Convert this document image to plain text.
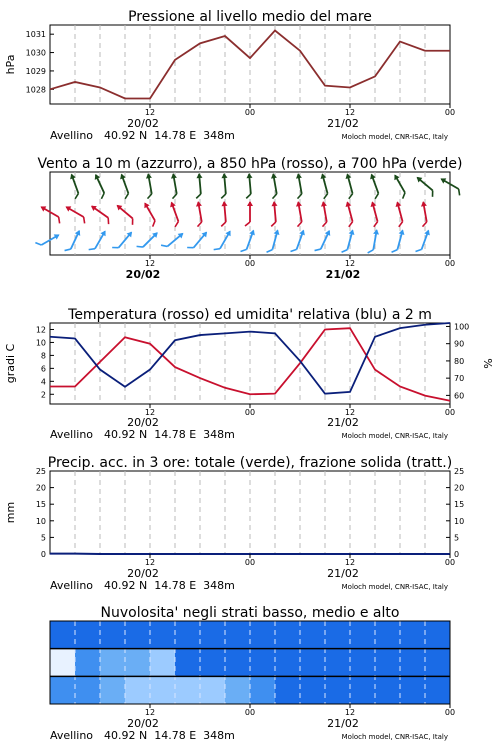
Pressione al livello medio del mare
1028
1029
1030
1031
hPa
12	00	12	00
20/02	21/02
Avellino 40.92 N  14.78 E  348m	Moloch model, CNR-ISAC, Italy
Vento a 10 m (azzurro), a 850 hPa (rosso), a 700 hPa (verde)
12	00	12	00
20/02	21/02
Temperatura (rosso) ed umidita' relativa (blu) a 2 m
2
4
6
8
10
12
60
70
80
90
100
gradi C	%
12	00	12	00
20/02	21/02
Avellino 40.92 N  14.78 E  348m	Moloch model, CNR-ISAC, Italy
Precip. acc. in 3 ore: totale (verde), frazione solida (tratt.)
0
5
10
15
20
25
0
5
10
15
20
25
mm
12	00	12	00
20/02	21/02
Avellino 40.92 N  14.78 E  348m	Moloch model, CNR-ISAC, Italy
Nuvolosita' negli strati basso, medio e alto
12	00	12	00
20/02	21/02
Avellino 40.92 N  14.78 E  348m	Moloch model, CNR-ISAC, Italy
